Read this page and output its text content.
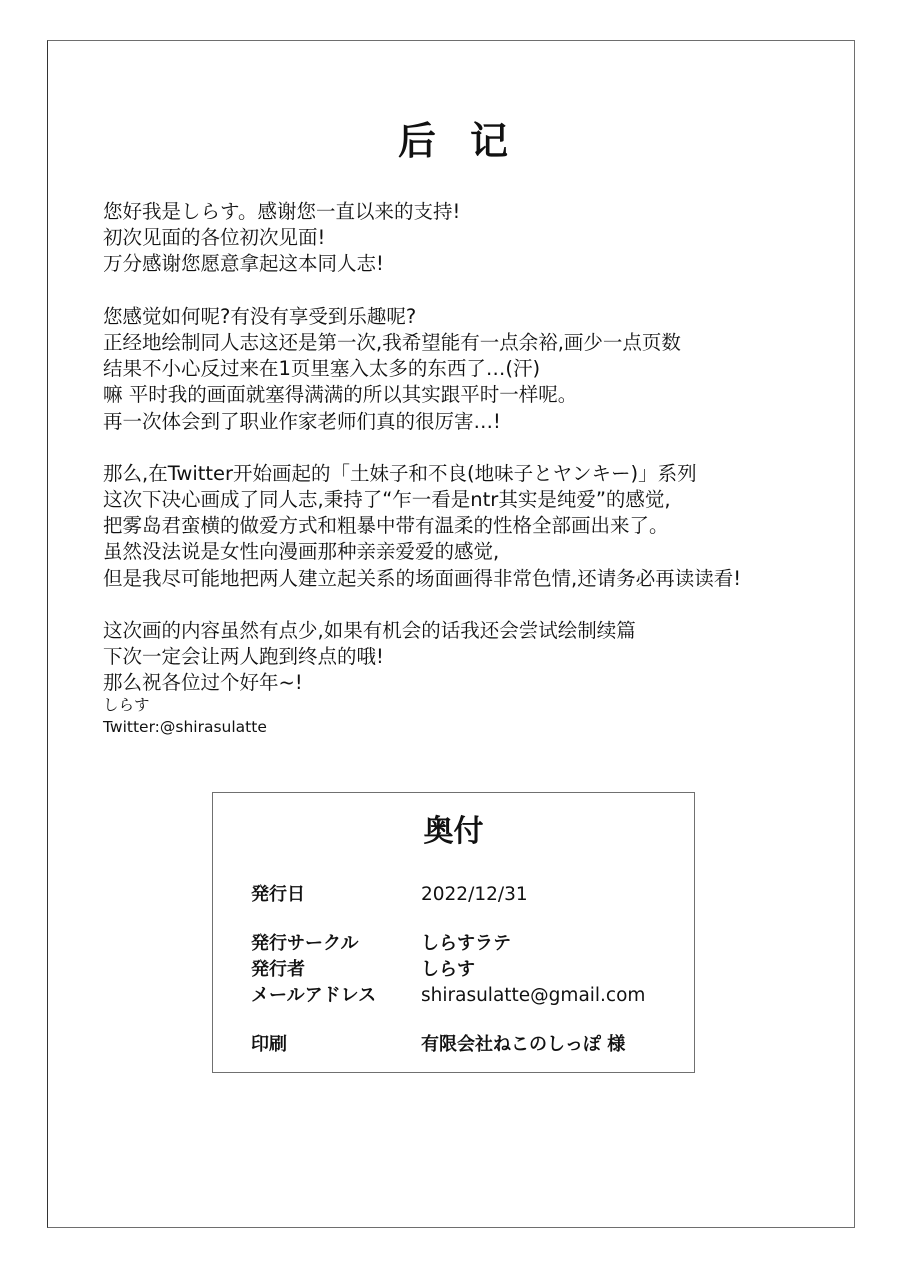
后记
您好我是しらす。感谢您一直以来的支持!
初次见面的各位初次见面!
万分感谢您愿意拿起这本同人志!
您感觉如何呢?有没有享受到乐趣呢?
正经地绘制同人志这还是第一次,我希望能有一点余裕,画少一点页数
结果不小心反过来在1页里塞入太多的东西了…(汗)
嘛 平时我的画面就塞得满满的所以其实跟平时一样呢。
再一次体会到了职业作家老师们真的很厉害…!
那么,在Twitter开始画起的「土妹子和不良(地味子とヤンキー)」系列
这次下决心画成了同人志,秉持了“乍一看是ntr其实是纯爱”的感觉,
把雾岛君蛮横的做爱方式和粗暴中带有温柔的性格全部画出来了。
虽然没法说是女性向漫画那种亲亲爱爱的感觉,
但是我尽可能地把两人建立起关系的场面画得非常色情,还请务必再读读看!
这次画的内容虽然有点少,如果有机会的话我还会尝试绘制续篇
下次一定会让两人跑到终点的哦!
那么祝各位过个好年~!
しらす
Twitter:@shirasulatte
奥付
発行日	2022/12/31
発行サークル	しらすラテ
発行者	しらす
メールアドレス shirasulatte@gmail.com
印刷	有限会社ねこのしっぽ 様
